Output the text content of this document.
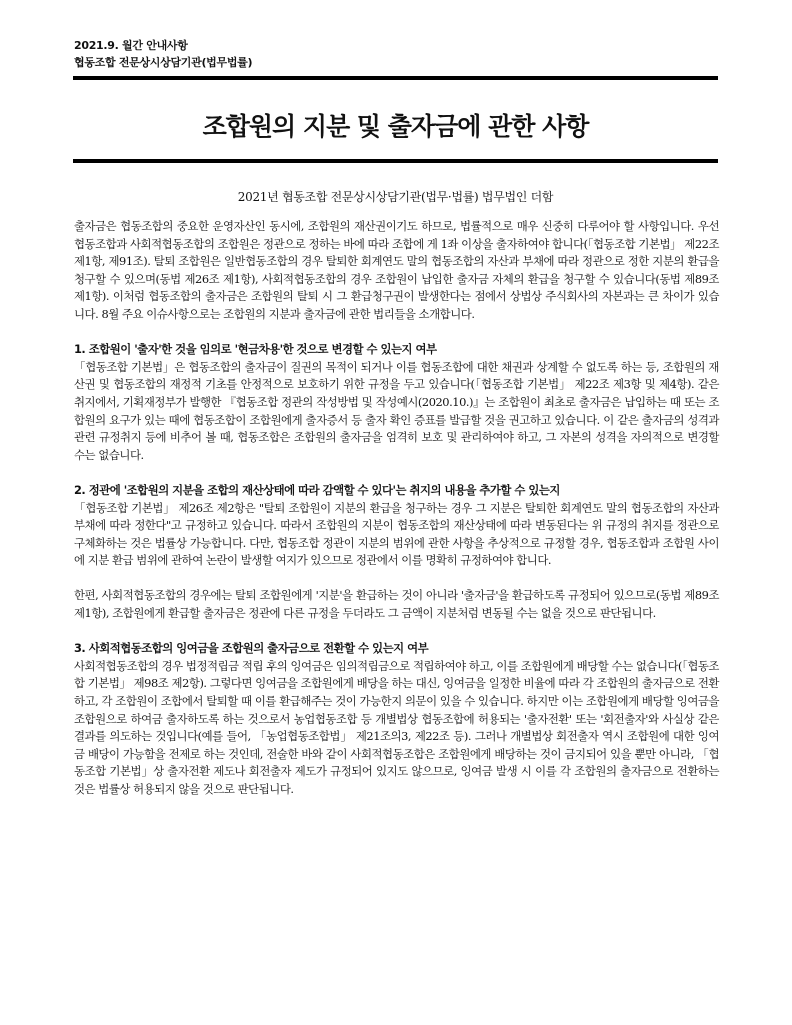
2021.9. 월간 안내사항
협동조합 전문상시상담기관(법무법률)
조합원의 지분 및 출자금에 관한 사항
2021년 협동조합 전문상시상담기관(법무·법률) 법무법인 더함

출자금은 협동조합의 중요한 운영자산인 동시에, 조합원의 재산권이기도 하므로, 법률적으로 매우 신중히 다루어야 할 사항입니다. 우선 협동조합과 사회적협동조합의 조합원은 정관으로 정하는 바에 따라 조합에 게 1좌 이상을 출자하여야 합니다(「협동조합 기본법」 제22조 제1항, 제91조). 탈퇴 조합원은 일반협동조합의 경우 탈퇴한 회계연도 말의 협동조합의 자산과 부채에 따라 정관으로 정한 지분의 환급을 청구할 수 있으며(동법 제26조 제1항), 사회적협동조합의 경우 조합원이 납입한 출자금 자체의 환급을 청구할 수 있습니다(동법 제89조 제1항). 이처럼 협동조합의 출자금은 조합원의 탈퇴 시 그 환급청구권이 발생한다는 점에서 상법상 주식회사의 자본과는 큰 차이가 있습니다. 8월 주요 이슈사항으로는 조합원의 지분과 출자금에 관한 법리들을 소개합니다.

1. 조합원이 '출자'한 것을 임의로 '현금차용'한 것으로 변경할 수 있는지 여부

「협동조합 기본법」은 협동조합의 출자금이 질권의 목적이 되거나 이를 협동조합에 대한 채권과 상계할 수 없도록 하는 등, 조합원의 재산권 및 협동조합의 재정적 기초를 안정적으로 보호하기 위한 규정을 두고 있습니다(「협동조합 기본법」 제22조 제3항 및 제4항). 같은 취지에서, 기획재정부가 발행한 『협동조합 정관의 작성방법 및 작성예시(2020.10.)』는 조합원이 최초로 출자금은 납입하는 때 또는 조합원의 요구가 있는 때에 협동조합이 조합원에게 출자증서 등 출자 확인 증표를 발급할 것을 권고하고 있습니다. 이 같은 출자금의 성격과 관련 규정취지 등에 비추어 볼 때, 협동조합은 조합원의 출자금을 엄격히 보호 및 관리하여야 하고, 그 자본의 성격을 자의적으로 변경할 수는 없습니다.

2. 정관에 '조합원의 지분을 조합의 재산상태에 따라 감액할 수 있다'는 취지의 내용을 추가할 수 있는지

「협동조합 기본법」 제26조 제2항은 "탈퇴 조합원이 지분의 환급을 청구하는 경우 그 지분은 탈퇴한 회계연도 말의 협동조합의 자산과 부채에 따라 정한다"고 규정하고 있습니다. 따라서 조합원의 지분이 협동조합의 재산상태에 따라 변동된다는 위 규정의 취지를 정관으로 구체화하는 것은 법률상 가능합니다. 다만, 협동조합 정관이 지분의 범위에 관한 사항을 추상적으로 규정할 경우, 협동조합과 조합원 사이에 지분 환급 범위에 관하여 논란이 발생할 여지가 있으므로 정관에서 이를 명확히 규정하여야 합니다.

한편, 사회적협동조합의 경우에는 탈퇴 조합원에게 '지분'을 환급하는 것이 아니라 '출자금'을 환급하도록 규정되어 있으므로(동법 제89조 제1항), 조합원에게 환급할 출자금은 정관에 다른 규정을 두더라도 그 금액이 지분처럼 변동될 수는 없을 것으로 판단됩니다.

3. 사회적협동조합의 잉여금을 조합원의 출자금으로 전환할 수 있는지 여부

사회적협동조합의 경우 법정적립금 적립 후의 잉여금은 임의적립금으로 적립하여야 하고, 이를 조합원에게 배당할 수는 없습니다(「협동조합 기본법」 제98조 제2항). 그렇다면 잉여금을 조합원에게 배당을 하는 대신, 잉여금을 일정한 비율에 따라 각 조합원의 출자금으로 전환하고, 각 조합원이 조합에서 탈퇴할 때 이를 환급해주는 것이 가능한지 의문이 있을 수 있습니다. 하지만 이는 조합원에게 배당할 잉여금을 조합원으로 하여금 출자하도록 하는 것으로서 농업협동조합 등 개별법상 협동조합에 허용되는 '출자전환' 또는 '회전출자'와 사실상 같은 결과를 의도하는 것입니다(예를 들어, 「농업협동조합법」 제21조의3, 제22조 등). 그러나 개별법상 회전출자 역시 조합원에 대한 잉여금 배당이 가능함을 전제로 하는 것인데, 전술한 바와 같이 사회적협동조합은 조합원에게 배당하는 것이 금지되어 있을 뿐만 아니라, 「협동조합 기본법」상 출자전환 제도나 회전출자 제도가 규정되어 있지도 않으므로, 잉여금 발생 시 이를 각 조합원의 출자금으로 전환하는 것은 법률상 허용되지 않을 것으로 판단됩니다.
